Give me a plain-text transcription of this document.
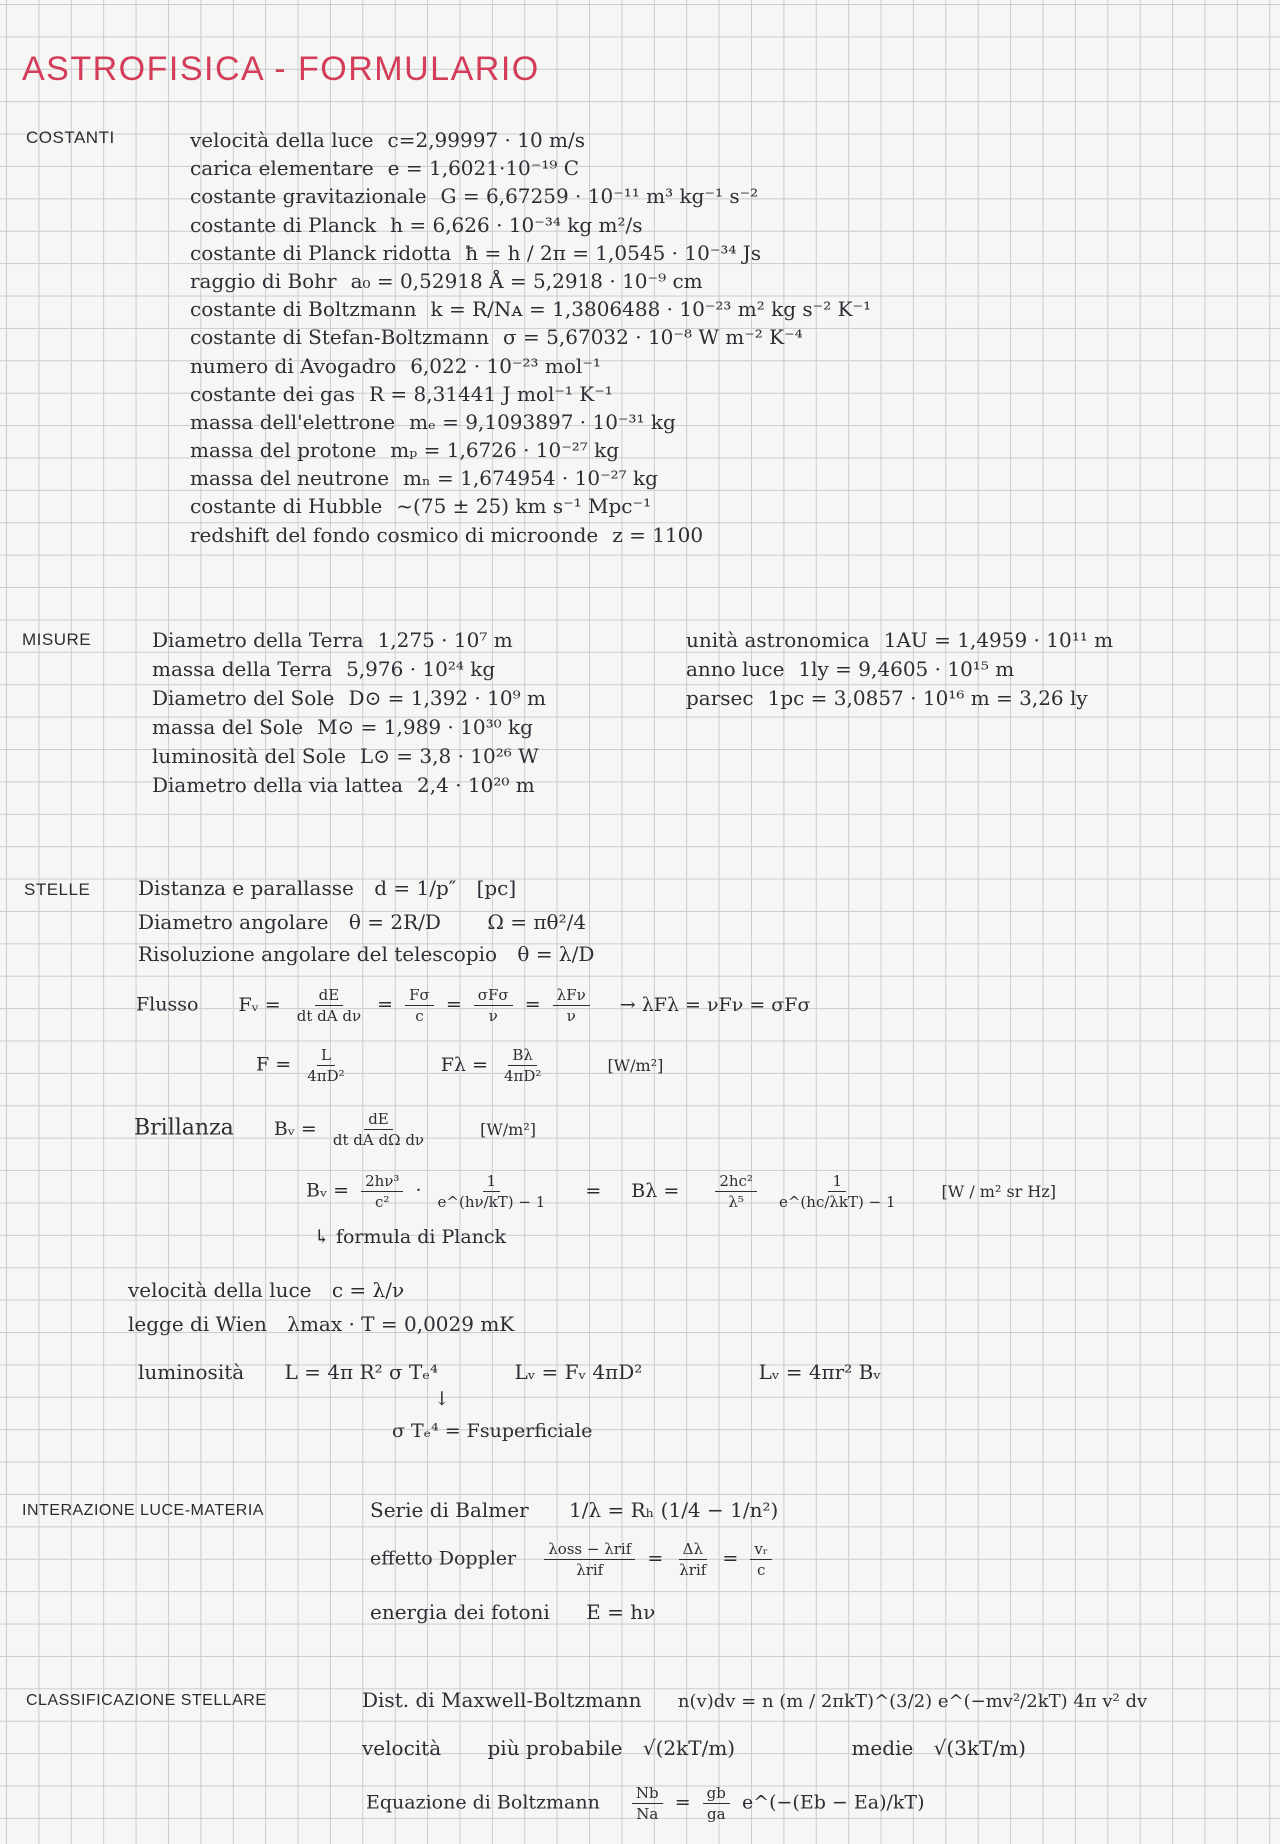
ASTROFISICA - FORMULARIO
COSTANTI	velocità della luce c=2,99997 · 10 m/s
carica elementare e = 1,6021·10⁻¹⁹ C
costante gravitazionale G = 6,67259 · 10⁻¹¹ m³ kg⁻¹ s⁻²
costante di Planck h = 6,626 · 10⁻³⁴ kg m²/s
costante di Planck ridotta ħ = h / 2π = 1,0545 · 10⁻³⁴ Js
raggio di Bohr a₀ = 0,52918 Å = 5,2918 · 10⁻⁹ cm
costante di Boltzmann k = R/Nᴀ = 1,3806488 · 10⁻²³ m² kg s⁻² K⁻¹
costante di Stefan-Boltzmann σ = 5,67032 · 10⁻⁸ W m⁻² K⁻⁴
numero di Avogadro 6,022 · 10⁻²³ mol⁻¹
costante dei gas R = 8,31441 J mol⁻¹ K⁻¹
massa dell'elettrone mₑ = 9,1093897 · 10⁻³¹ kg
massa del protone mₚ = 1,6726 · 10⁻²⁷ kg
massa del neutrone mₙ = 1,674954 · 10⁻²⁷ kg
costante di Hubble ~(75 ± 25) km s⁻¹ Mpc⁻¹
redshift del fondo cosmico di microonde z = 1100
MISURE	Diametro della Terra 1,275 · 10⁷ m
massa della Terra 5,976 · 10²⁴ kg
Diametro del Sole D⊙ = 1,392 · 10⁹ m
massa del Sole M⊙ = 1,989 · 10³⁰ kg
luminosità del Sole L⊙ = 3,8 · 10²⁶ W
Diametro della via lattea 2,4 · 10²⁰ m
unità astronomica 1AU = 1,4959 · 10¹¹ m
anno luce 1ly = 9,4605 · 10¹⁵ m
parsec 1pc = 3,0857 · 10¹⁶ m = 3,26 ly
STELLE Distanza e parallasse d = 1/p″ [pc]
Diametro angolare θ = 2R/D Ω = πθ²/4
Risoluzione angolare del telescopio θ = λ/D
Flusso Fᵥ = $\frac{dE}{\text{dt dA dν}} = \frac{F\sigma}{c} = \frac{\text{σFσ}}{\nu} = \frac{\text{λFν}}{\nu} \to \lambda F\lambda = \nu F\nu = \sigma F\sigma$
$F = \frac{L}{\text{4πD²}}$	$F\lambda = \frac{B\lambda}{\text{4πD²}}$	[W/m²]
Brillanza Bᵥ = $\frac{dE}{\text{dt dA dΩ dν}}$	[W/m²]
Bᵥ = $\frac{\text{2hν³}}{\text{c²}} \cdot \frac{1}{e\^{}(h\nu/kT) - 1} = B\lambda = \frac{\text{2hc²}}{\text{λ⁵}}$
$\frac{1}{\text{e\textasciicircum{}(hc/λkT) − 1}}$	[W / m² sr Hz]
↳ formula di Planck
velocità della luce c = λ/ν
legge di Wien λmax · T = 0,0029 mK
luminosità L = 4π R² σ Tₑ⁴	Lᵥ = Fᵥ 4πD²	Lᵥ = 4πr² Bᵥ
↓
σ Tₑ⁴ = Fsuperficiale
INTERAZIONE LUCE-MATERIA	Serie di Balmer 1/λ = Rₕ (1/4 − 1/n²)
effetto Doppler $\frac{\text{λoss − λrif}}{\text{λrif}} = \frac{\Delta\lambda}{\text{λrif}} = \frac{\text{vᵣ}}{c}$
energia dei fotoni E = hν
CLASSIFICAZIONE STELLARE	Dist. di Maxwell-Boltzmann n(v)dv = n (m / 2πkT)^(3/2) e^(−mv²/2kT) 4π v² dv
velocità più probabile √(2kT/m)	medie √(3kT/m)
Equazione di Boltzmann $\frac{Nb}{Na} = \frac{gb}{ga}$ e^(−(Eb − Ea)/kT)
